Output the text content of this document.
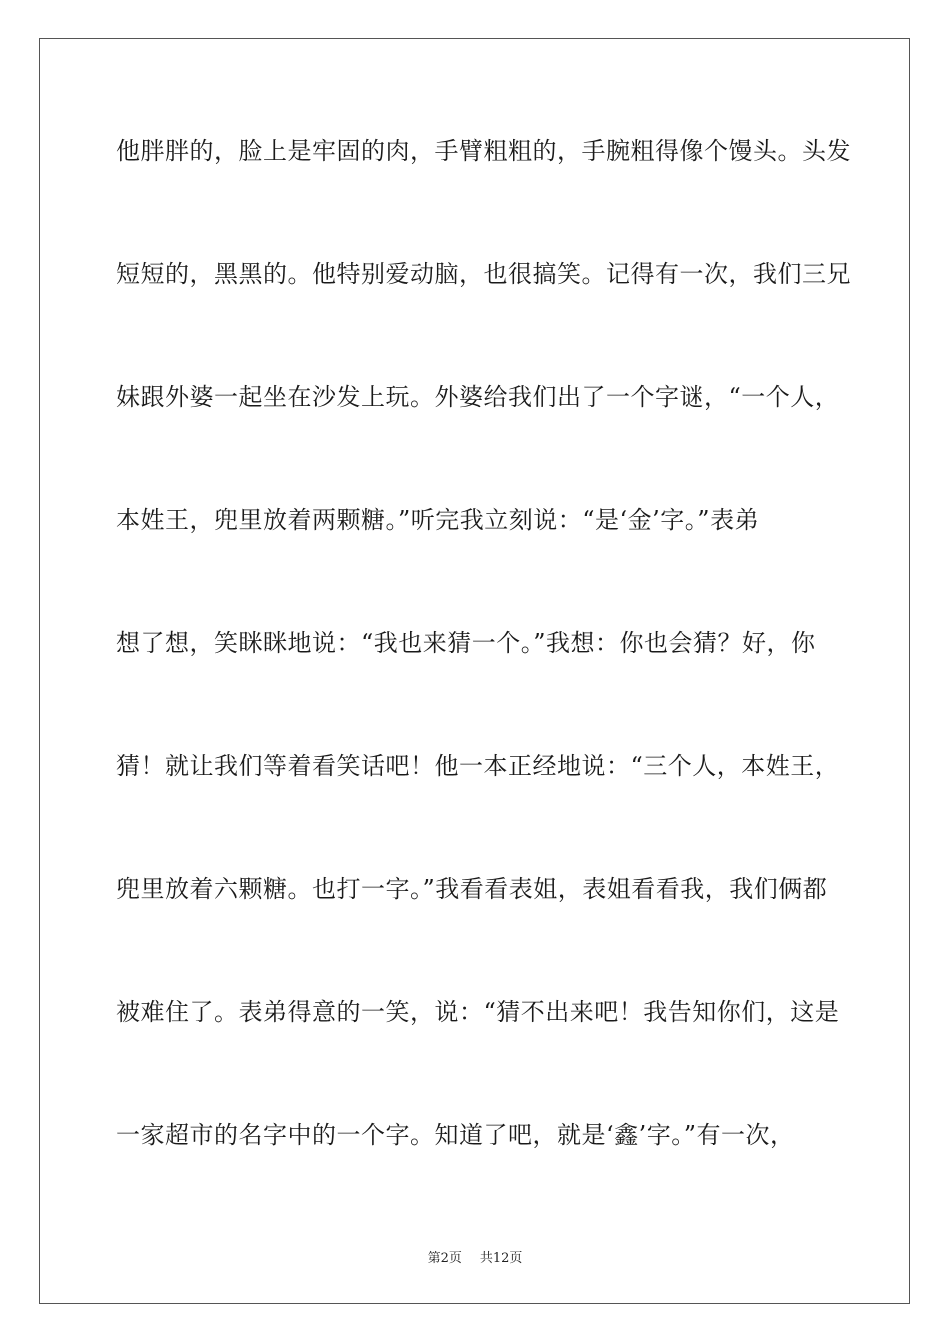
他胖胖的，脸上是牢固的肉，手臂粗粗的，手腕粗得像个馒头。头发
短短的，黑黑的。他特别爱动脑，也很搞笑。记得有一次，我们三兄
妹跟外婆一起坐在沙发上玩。外婆给我们出了一个字谜，“一个人，
本姓王，兜里放着两颗糖。”听完我立刻说：“是‘金’字。”表弟
想了想，笑眯眯地说：“我也来猜一个。”我想：你也会猜？好，你
猜！就让我们等着看笑话吧！他一本正经地说：“三个人，本姓王，
兜里放着六颗糖。也打一字。”我看看表姐，表姐看看我，我们俩都
被难住了。表弟得意的一笑，说：“猜不出来吧！我告知你们，这是
一家超市的名字中的一个字。知道了吧，就是‘鑫’字。”有一次，
第2页 共12页
